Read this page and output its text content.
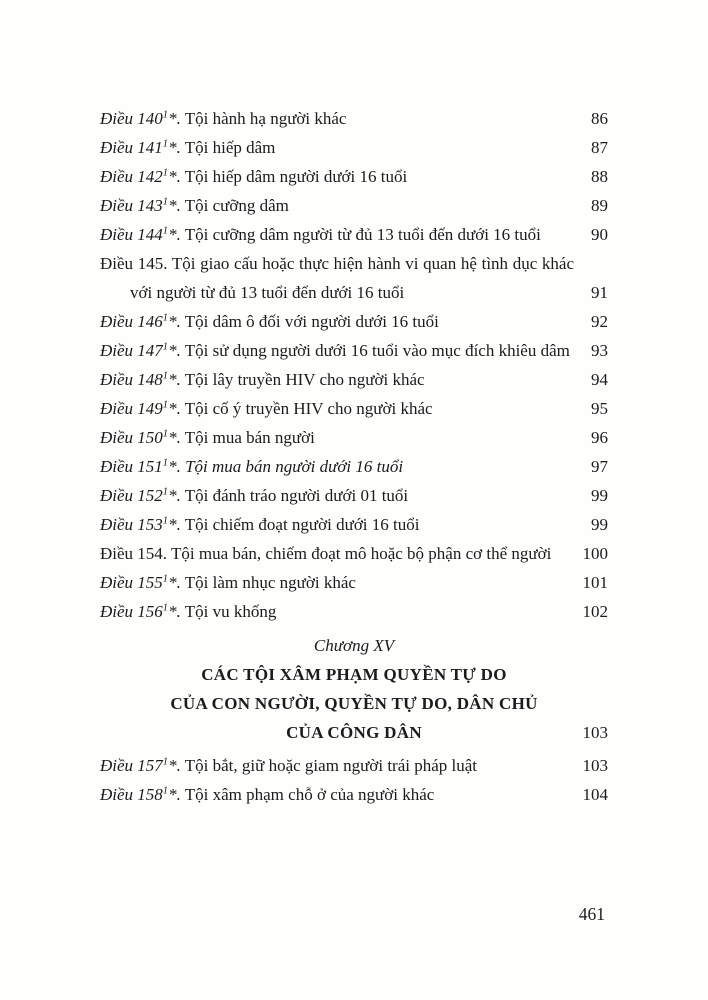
Điều $140^1*$. Tội hành hạ người khác	86
Điều $141^1*$. Tội hiếp dâm	87
Điều $142^1*$. Tội hiếp dâm người dưới 16 tuổi	88
Điều $143^1*$. Tội cưỡng dâm	89
Điều $144^1*$. Tội cưỡng dâm người từ đủ 13 tuổi đến dưới 16 tuổi	90
Điều 145. Tội giao cấu hoặc thực hiện hành vi quan hệ tình dục khác với người từ đủ 13 tuổi đến dưới 16 tuổi	91
Điều $146^1*$. Tội dâm ô đối với người dưới 16 tuổi	92
Điều $147^1*$. Tội sử dụng người dưới 16 tuổi vào mục đích khiêu dâm	93
Điều $148^1*$. Tội lây truyền HIV cho người khác	94
Điều $149^1*$. Tội cố ý truyền HIV cho người khác	95
Điều $150^1*$. Tội mua bán người	96
Điều $151^1*$. Tội mua bán người dưới 16 tuổi	97
Điều $152^1*$. Tội đánh tráo người dưới 01 tuổi	99
Điều $153^1*$. Tội chiếm đoạt người dưới 16 tuổi	99
Điều 154. Tội mua bán, chiếm đoạt mô hoặc bộ phận cơ thể người	100
Điều $155^1*$. Tội làm nhục người khác	101
Điều $156^1*$. Tội vu khống	102
Chương XV
CÁC TỘI XÂM PHẠM QUYỀN TỰ DO
CỦA CON NGƯỜI, QUYỀN TỰ DO, DÂN CHỦ
CỦA CÔNG DÂN	103
Điều $157^1*$. Tội bắt, giữ hoặc giam người trái pháp luật	103
Điều $158^1*$. Tội xâm phạm chỗ ở của người khác	104
461
